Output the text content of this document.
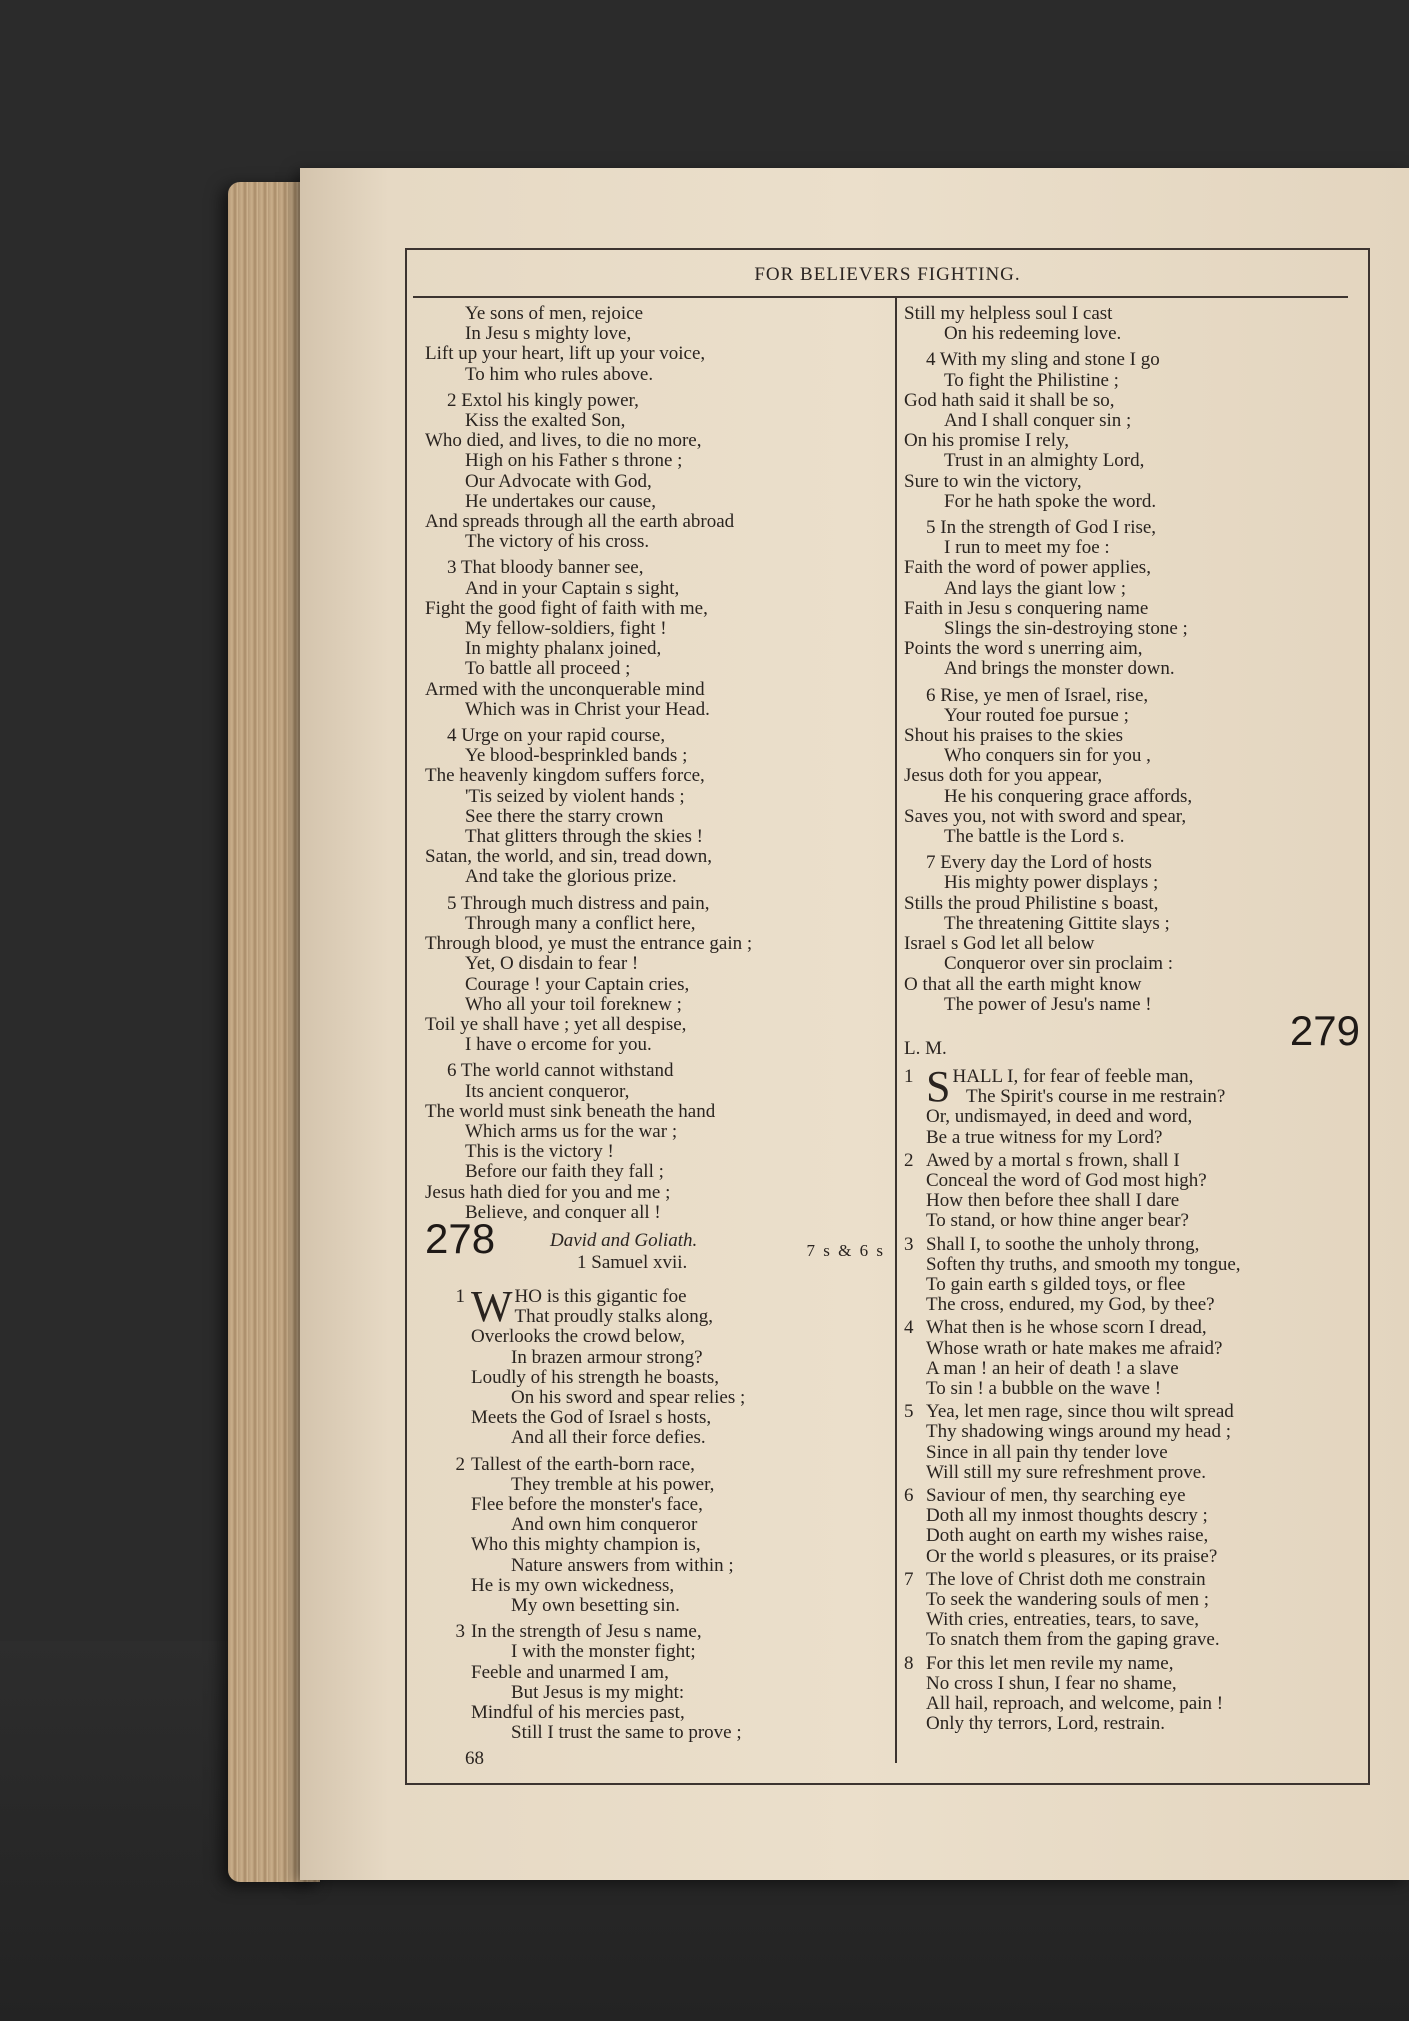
FOR BELIEVERS FIGHTING.
Ye sons of men, rejoice
In Jesu s mighty love,
Lift up your heart, lift up your voice,
To him who rules above.
2 Extol his kingly power,
Kiss the exalted Son,
Who died, and lives, to die no more,
High on his Father s throne ;
Our Advocate with God,
He undertakes our cause,
And spreads through all the earth abroad
The victory of his cross.
3 That bloody banner see,
And in your Captain s sight,
Fight the good fight of faith with me,
My fellow-soldiers, fight !
In mighty phalanx joined,
To battle all proceed ;
Armed with the unconquerable mind
Which was in Christ your Head.
4 Urge on your rapid course,
Ye blood-besprinkled bands ;
The heavenly kingdom suffers force,
'Tis seized by violent hands ;
See there the starry crown
That glitters through the skies !
Satan, the world, and sin, tread down,
And take the glorious prize.
5 Through much distress and pain,
Through many a conflict here,
Through blood, ye must the entrance gain ;
Yet, O disdain to fear !
Courage ! your Captain cries,
Who all your toil foreknew ;
Toil ye shall have ; yet all despise,
I have o ercome for you.
6 The world cannot withstand
Its ancient conqueror,
The world must sink beneath the hand
Which arms us for the war ;
This is the victory !
Before our faith they fall ;
Jesus hath died for you and me ;
Believe, and conquer all !
278	David and Goliath.
1 Samuel xvii.
7 s & 6 s
1 WHO is this gigantic foe
That proudly stalks along,
Overlooks the crowd below,
In brazen armour strong?
Loudly of his strength he boasts,
On his sword and spear relies ;
Meets the God of Israel s hosts,
And all their force defies.
2 Tallest of the earth-born race,
They tremble at his power,
Flee before the monster's face,
And own him conqueror
Who this mighty champion is,
Nature answers from within ;
He is my own wickedness,
My own besetting sin.
3 In the strength of Jesu s name,
I with the monster fight;
Feeble and unarmed I am,
But Jesus is my might:
Mindful of his mercies past,
Still I trust the same to prove ;
68
Still my helpless soul I cast
On his redeeming love.
4 With my sling and stone I go
To fight the Philistine ;
God hath said it shall be so,
And I shall conquer sin ;
On his promise I rely,
Trust in an almighty Lord,
Sure to win the victory,
For he hath spoke the word.
5 In the strength of God I rise,
I run to meet my foe :
Faith the word of power applies,
And lays the giant low ;
Faith in Jesu s conquering name
Slings the sin-destroying stone ;
Points the word s unerring aim,
And brings the monster down.
6 Rise, ye men of Israel, rise,
Your routed foe pursue ;
Shout his praises to the skies
Who conquers sin for you ,
Jesus doth for you appear,
He his conquering grace affords,
Saves you, not with sword and spear,
The battle is the Lord s.
7 Every day the Lord of hosts
His mighty power displays ;
Stills the proud Philistine s boast,
The threatening Gittite slays ;
Israel s God let all below
Conqueror over sin proclaim :
O that all the earth might know
The power of Jesu's name !
L. M.	279
1 SHALL I, for fear of feeble man,
The Spirit's course in me restrain?
Or, undismayed, in deed and word,
Be a true witness for my Lord?
2 Awed by a mortal s frown, shall I
Conceal the word of God most high?
How then before thee shall I dare
To stand, or how thine anger bear?
3 Shall I, to soothe the unholy throng,
Soften thy truths, and smooth my tongue,
To gain earth s gilded toys, or flee
The cross, endured, my God, by thee?
4 What then is he whose scorn I dread,
Whose wrath or hate makes me afraid?
A man ! an heir of death ! a slave
To sin ! a bubble on the wave !
5 Yea, let men rage, since thou wilt spread
Thy shadowing wings around my head ;
Since in all pain thy tender love
Will still my sure refreshment prove.
6 Saviour of men, thy searching eye
Doth all my inmost thoughts descry ;
Doth aught on earth my wishes raise,
Or the world s pleasures, or its praise?
7 The love of Christ doth me constrain
To seek the wandering souls of men ;
With cries, entreaties, tears, to save,
To snatch them from the gaping grave.
8 For this let men revile my name,
No cross I shun, I fear no shame,
All hail, reproach, and welcome, pain !
Only thy terrors, Lord, restrain.
